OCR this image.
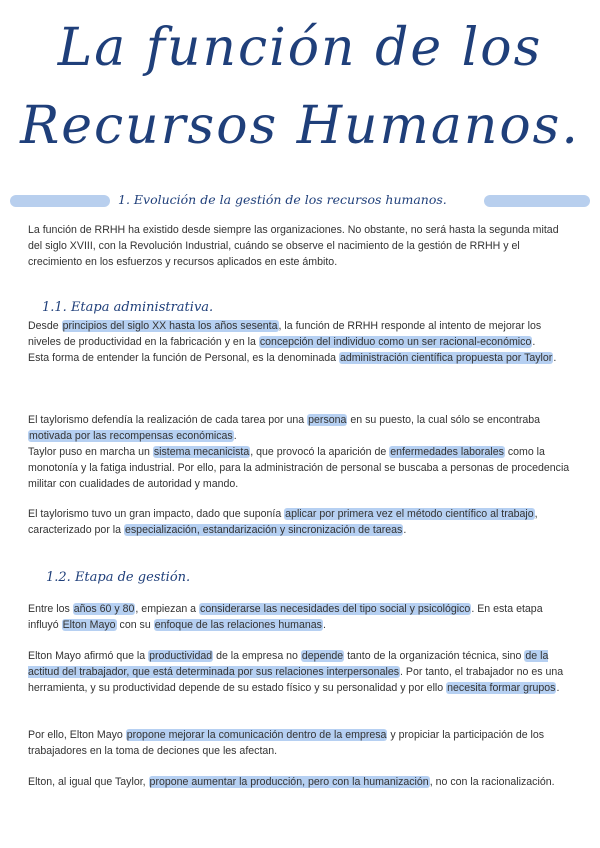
La función de los
Recursos Humanos.
1. Evolución de la gestión de los recursos humanos.

La función de RRHH ha existido desde siempre las organizaciones. No obstante, no será hasta la segunda mitad del siglo XVIII, con la Revolución Industrial, cuándo se observe el nacimiento de la gestión de RRHH y el crecimiento en los esfuerzos y recursos aplicados en este ámbito.

1.1. Etapa administrativa.

Desde principios del siglo XX hasta los años sesenta, la función de RRHH responde al intento de mejorar los niveles de productividad en la fabricación y en la concepción del individuo como un ser racional-económico.
Esta forma de entender la función de Personal, es la denominada administración científica propuesta por Taylor.

El taylorismo defendía la realización de cada tarea por una persona en su puesto, la cual sólo se encontraba motivada por las recompensas económicas.
Taylor puso en marcha un sistema mecanicista, que provocó la aparición de enfermedades laborales como la monotonía y la fatiga industrial. Por ello, para la administración de personal se buscaba a personas de procedencia militar con cualidades de autoridad y mando.

El taylorismo tuvo un gran impacto, dado que suponía aplicar por primera vez el método científico al trabajo, caracterizado por la especialización, estandarización y sincronización de tareas.

1.2. Etapa de gestión.

Entre los años 60 y 80, empiezan a considerarse las necesidades del tipo social y psicológico. En esta etapa influyó Elton Mayo con su enfoque de las relaciones humanas.

Elton Mayo afirmó que la productividad de la empresa no depende tanto de la organización técnica, sino de la actitud del trabajador, que está determinada por sus relaciones interpersonales. Por tanto, el trabajador no es una herramienta, y su productividad depende de su estado físico y su personalidad y por ello necesita formar grupos.

Por ello, Elton Mayo propone mejorar la comunicación dentro de la empresa y propiciar la participación de los trabajadores en la toma de deciones que les afectan.

Elton, al igual que Taylor, propone aumentar la producción, pero con la humanización, no con la racionalización.
